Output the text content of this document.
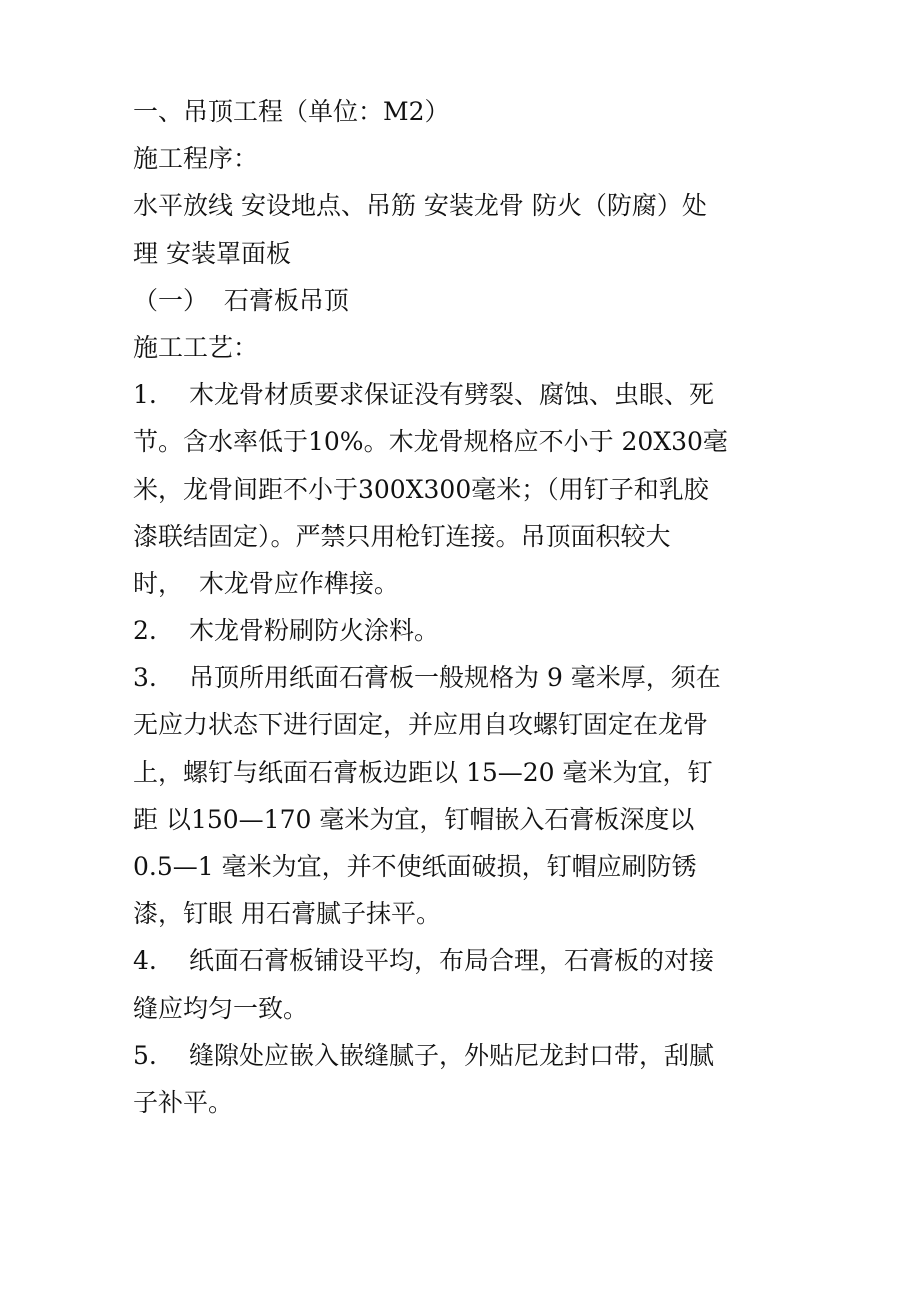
一、吊顶工程（单位：M2）
施工程序：
水平放线 安设地点、吊筋 安装龙骨 防火（防腐）处
理 安装罩面板
（一）  石膏板吊顶
施工工艺：
1. 木龙骨材质要求保证没有劈裂、腐蚀、虫眼、死
节。含水率低于10%。木龙骨规格应不小于 20X30毫
米，龙骨间距不小于300X300毫米；（用钉子和乳胶
漆联结固定）。严禁只用枪钉连接。吊顶面积较大
时，  木龙骨应作榫接。
2. 木龙骨粉刷防火涂料。
3. 吊顶所用纸面石膏板一般规格为 9 毫米厚，须在
无应力状态下进行固定，并应用自攻螺钉固定在龙骨
上，螺钉与纸面石膏板边距以 15—20 毫米为宜，钉
距 以150—170 毫米为宜，钉帽嵌入石膏板深度以
0.5—1 毫米为宜，并不使纸面破损，钉帽应刷防锈
漆，钉眼 用石膏腻子抹平。
4. 纸面石膏板铺设平均，布局合理，石膏板的对接
缝应均匀一致。
5. 缝隙处应嵌入嵌缝腻子，外贴尼龙封口带，刮腻
子补平。
